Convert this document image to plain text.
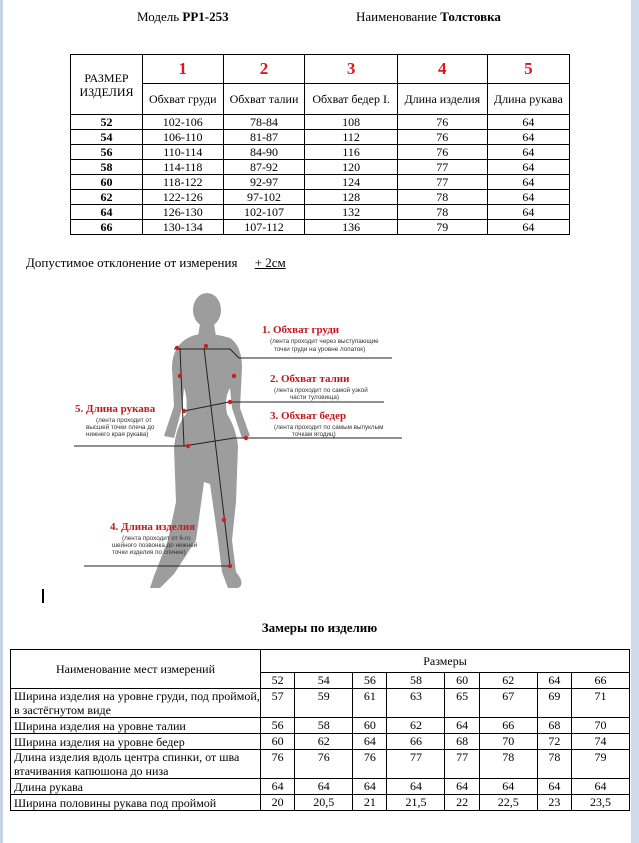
Модель PP1-253	Наименование Толстовка
РАЗМЕР ИЗДЕЛИЯ	1	2	3	4	5
	Обхват груди	Обхват талии	Обхват бедер I.	Длина изделия	Длина рукава
52	102-106	78-84	108	76	64
54	106-110	81-87	112	76	64
56	110-114	84-90	116	76	64
58	114-118	87-92	120	77	64
60	118-122	92-97	124	77	64
62	122-126	97-102	128	78	64
64	126-130	102-107	132	78	64
66	130-134	107-112	136	79	64
Допустимое отклонение от измерения + 2см
1. Обхват груди
(лента проходит через выступающие
точки груди на уровне лопаток)
2. Обхват талии
(лента проходит по самой узкой
части туловища)
3. Обхват бедер
(лента проходит по самым выпуклым
точкам ягодиц)
5. Длина рукава
(лента проходит от
высшей точки плеча до
нижнего края рукава)
4. Длина изделия
(лента проходит от 6-го
шейного позвонка до нижней
точки изделия по спинке)
Замеры по изделию
Наименование мест измерений	Размеры							
	52	54	56	58	60	62	64	66
Ширина изделия на уровне груди, под проймой, в застёгнутом виде	57	59	61	63	65	67	69	71
Ширина изделия на уровне талии	56	58	60	62	64	66	68	70
Ширина изделия на уровне бедер	60	62	64	66	68	70	72	74
Длина изделия вдоль центра спинки, от шва втачивания капюшона до низа	76	76	76	77	77	78	78	79
Длина рукава	64	64	64	64	64	64	64	64
Ширина половины рукава под проймой	20	20,5	21	21,5	22	22,5	23	23,5
